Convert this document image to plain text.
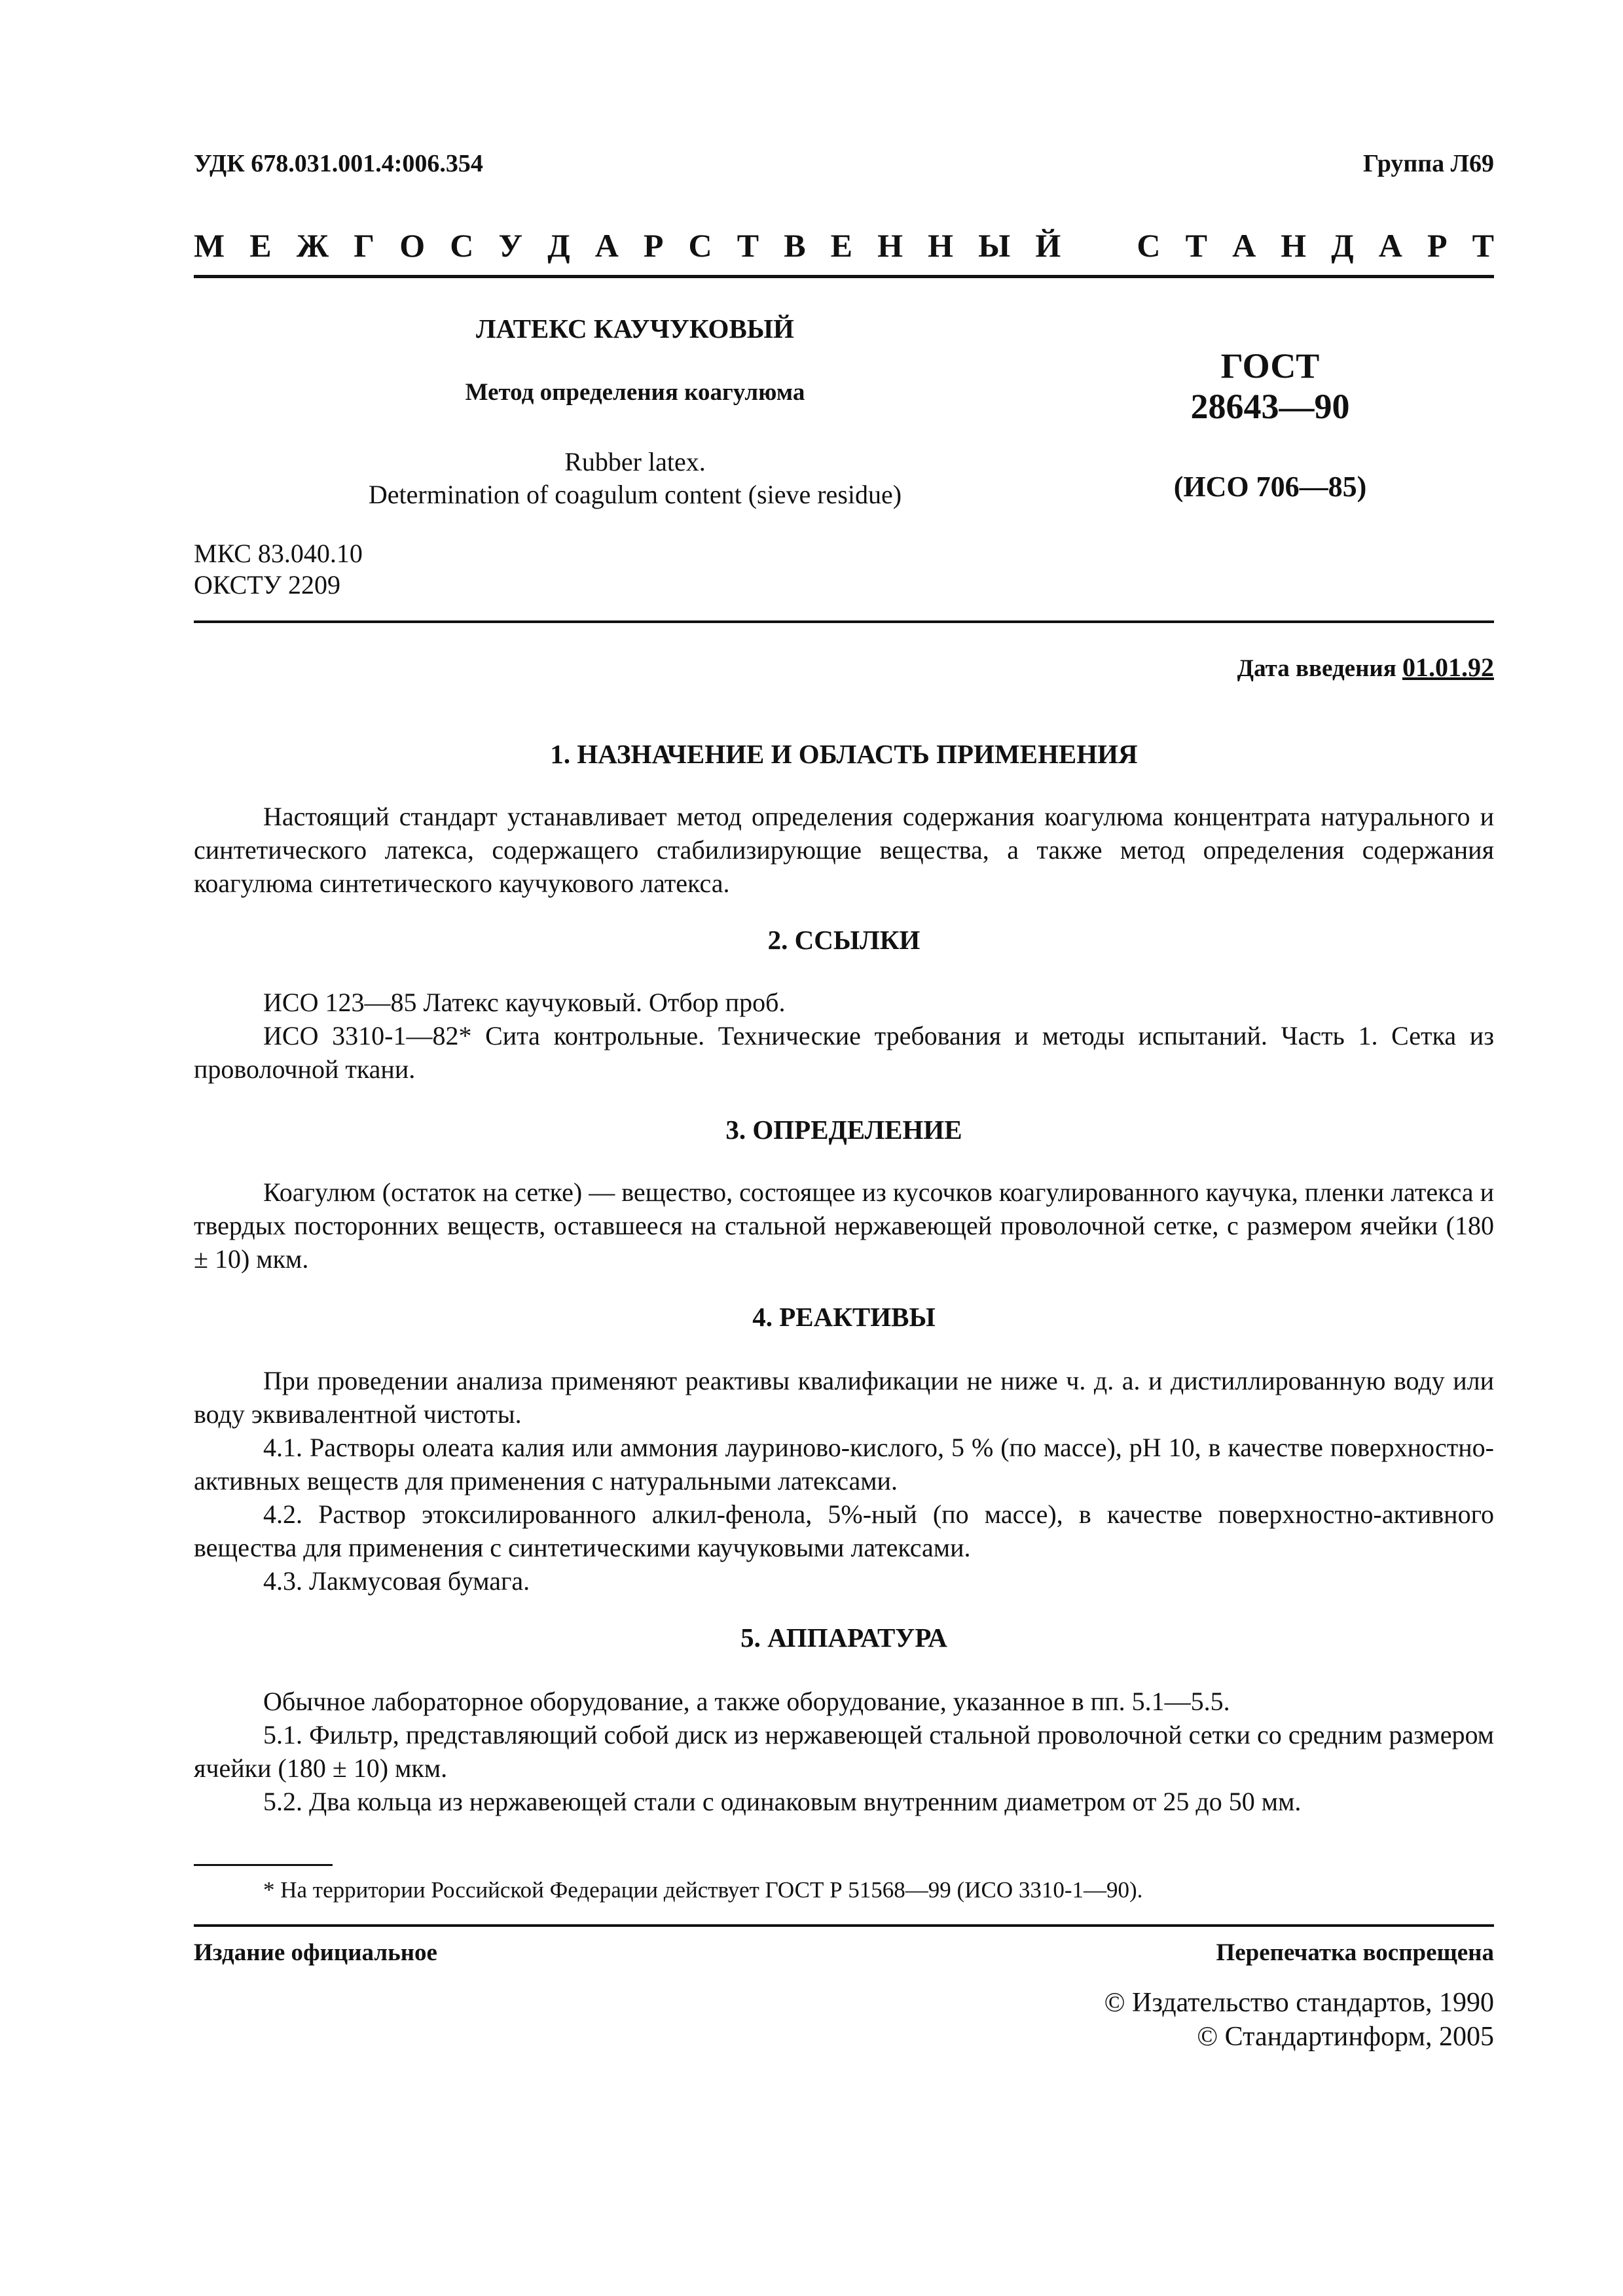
УДК 678.031.001.4:006.354	Группа Л69
М Е Ж Г О С У Д А Р С Т В Е Н Н Ы Й С Т А Н Д А Р Т
ЛАТЕКС КАУЧУКОВЫЙ
Метод определения коагулюма
Rubber latex.
Determination of coagulum content (sieve residue)
ГОСТ
28643—90
(ИСО 706—85)
МКС 83.040.10
ОКСТУ 2209
Дата введения 01.01.92
1. НАЗНАЧЕНИЕ И ОБЛАСТЬ ПРИМЕНЕНИЯ

Настоящий стандарт устанавливает метод определения содержания коагулюма концентрата натурального и синтетического латекса, содержащего стабилизирующие вещества, а также метод определения содержания коагулюма синтетического каучукового латекса.

2. ССЫЛКИ

ИСО 123—85 Латекс каучуковый. Отбор проб.

ИСО 3310-1—82* Сита контрольные. Технические требования и методы испытаний. Часть 1. Сетка из проволочной ткани.

3. ОПРЕДЕЛЕНИЕ

Коагулюм (остаток на сетке) — вещество, состоящее из кусочков коагулированного каучука, пленки латекса и твердых посторонних веществ, оставшееся на стальной нержавеющей проволочной сетке, с размером ячейки (180 ± 10) мкм.

4. РЕАКТИВЫ

При проведении анализа применяют реактивы квалификации не ниже ч. д. а. и дистиллированную воду или воду эквивалентной чистоты.

4.1. Растворы олеата калия или аммония лауриново-кислого, 5 % (по массе), рН 10, в качестве поверхностно-активных веществ для применения с натуральными латексами.

4.2. Раствор этоксилированного алкил-фенола, 5%-ный (по массе), в качестве поверхностно-активного вещества для применения с синтетическими каучуковыми латексами.

4.3. Лакмусовая бумага.

5. АППАРАТУРА

Обычное лабораторное оборудование, а также оборудование, указанное в пп. 5.1—5.5.

5.1. Фильтр, представляющий собой диск из нержавеющей стальной проволочной сетки со средним размером ячейки (180 ± 10) мкм.

5.2. Два кольца из нержавеющей стали с одинаковым внутренним диаметром от 25 до 50 мм.

* На территории Российской Федерации действует ГОСТ Р 51568—99 (ИСО 3310-1—90).
Издание официальное	Перепечатка воспрещена
© Издательство стандартов, 1990
© Стандартинформ, 2005
